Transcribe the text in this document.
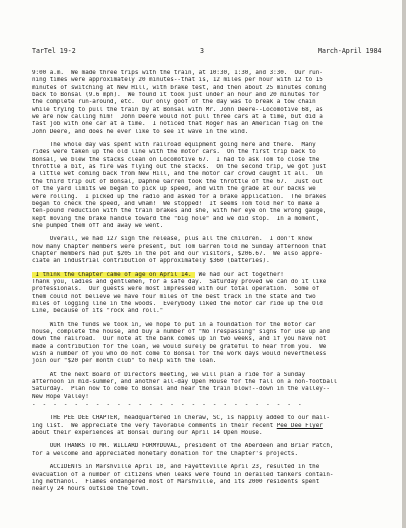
TarTel 19-2	3	March-April 1984
9:00 a.m.  We made three trips with the train, at 10:30, 1:30, and 3:30.  Our run-
ning times were approximately 20 minutes--that is, 12 miles per hour with 12 to 15
minutes of switching at New Hill, with brake test, and then about 25 minutes coming
back to Bonsal (9.6 mph).  We found it took just under an hour and 20 minutes for
the complete run-around, etc.  Our only goof of the day was to break a tow chain
while trying to pull the train by at Bonsal with Mr. John Deere--Locomotive 68, as
we are now calling him!  John Deere would not pull three cars at a time, but did a
fast job with one car at a time.  I noticed that Roger has an American flag on the
John Deere, and does he ever like to see it wave in the wind.
The whole day was spent with railroad equipment going here and there.  Many
rides were taken up the old line with the motor cars.  On the first trip back to
Bonsal, we blew the stacks clean on Locomotive 67.  I had to ask Tom to close the
throttle a bit, as fire was flying out the stacks.  On the second trip, we got just
a little wet coming back from New Hill, and the motor car crowd caught it all.  On
the third trip out of Bonsal, Daphne Garren took the throttle of the 67.  Just out
of the yard limits we began to pick up speed, and with the grade at our backs we
were rolling.  I picked up the radio and asked for a brake application.  The brakes
began to check the speed, and wham!  We stopped!  It seems Tom told her to make a
ten-pound reduction with the train brakes and she, with her eye on the wrong gauge,
kept moving the brake handle toward the "big hole" and we did stop.  In a moment,
she pumped them off and away we went.
Overall, we had 127 sign the release, plus all the children.  I don't know
how many Chapter members were present, but Tom Garren told me Sunday afternoon that
Chapter members had put $205 in the pot and our visitors, $206.67.  We also appre-
ciate an industrial contribution of approximately $360 (batteries).
I think the Chapter came of age on April 14.  We had our act together!
Thank you, ladies and gentlemen, for a safe day.  Saturday proved we can do it like
professionals.  Our guests were most impressed with our total operation.  Some of
them could not believe we have four miles of the best track in the state and two
miles of logging line in the woods.  Everybody liked the motor car ride up the Old
Line, because of its "rock and roll."
With the funds we took in, we hope to put in a foundation for the motor car
house, complete the house, and buy a number of "No Trespassing" signs for use up and
down the railroad.  Our note at the bank comes up in two weeks, and if you have not
made a contribution for the loan, we would surely be grateful to hear from you.  We
wish a number of you who do not come to Bonsal for the work days would nevertheless
join our "$20 per month club" to help with the loan.
At the next Board of Directors meeting, we will plan a ride for a Sunday
afternoon in mid-summer, and another all-day Open House for the fall on a non-football
Saturday.  Plan now to come to Bonsal and hear the train blow!--down in the valley--
New Hope Valley!
-  -  -  -  -  -  -  -  -  -  -  -  -  -  -  -  -  -  -  -  -  -  -  -  -  -
THE PEE DEE CHAPTER, headquartered in Cheraw, SC, is happily added to our mail-
ing list.  We appreciate the very favorable comments in their recent Pee Dee Flyer
about their experiences at Bonsal during our April 14 Open House.
OUR THANKS TO MR. WILLARD FORMYDUVAL, president of the Aberdeen and Briar Patch,
for a welcome and appreciated monetary donation for the Chapter's projects.
ACCIDENTS in Marshville April 10, and Fayetteville April 23, resulted in the
evacuation of a number of citizens when leaks were found in derailed tankers contain-
ing methanol.  Flames endangered most of Marshville, and its 2000 residents spent
nearly 24 hours outside the town.
